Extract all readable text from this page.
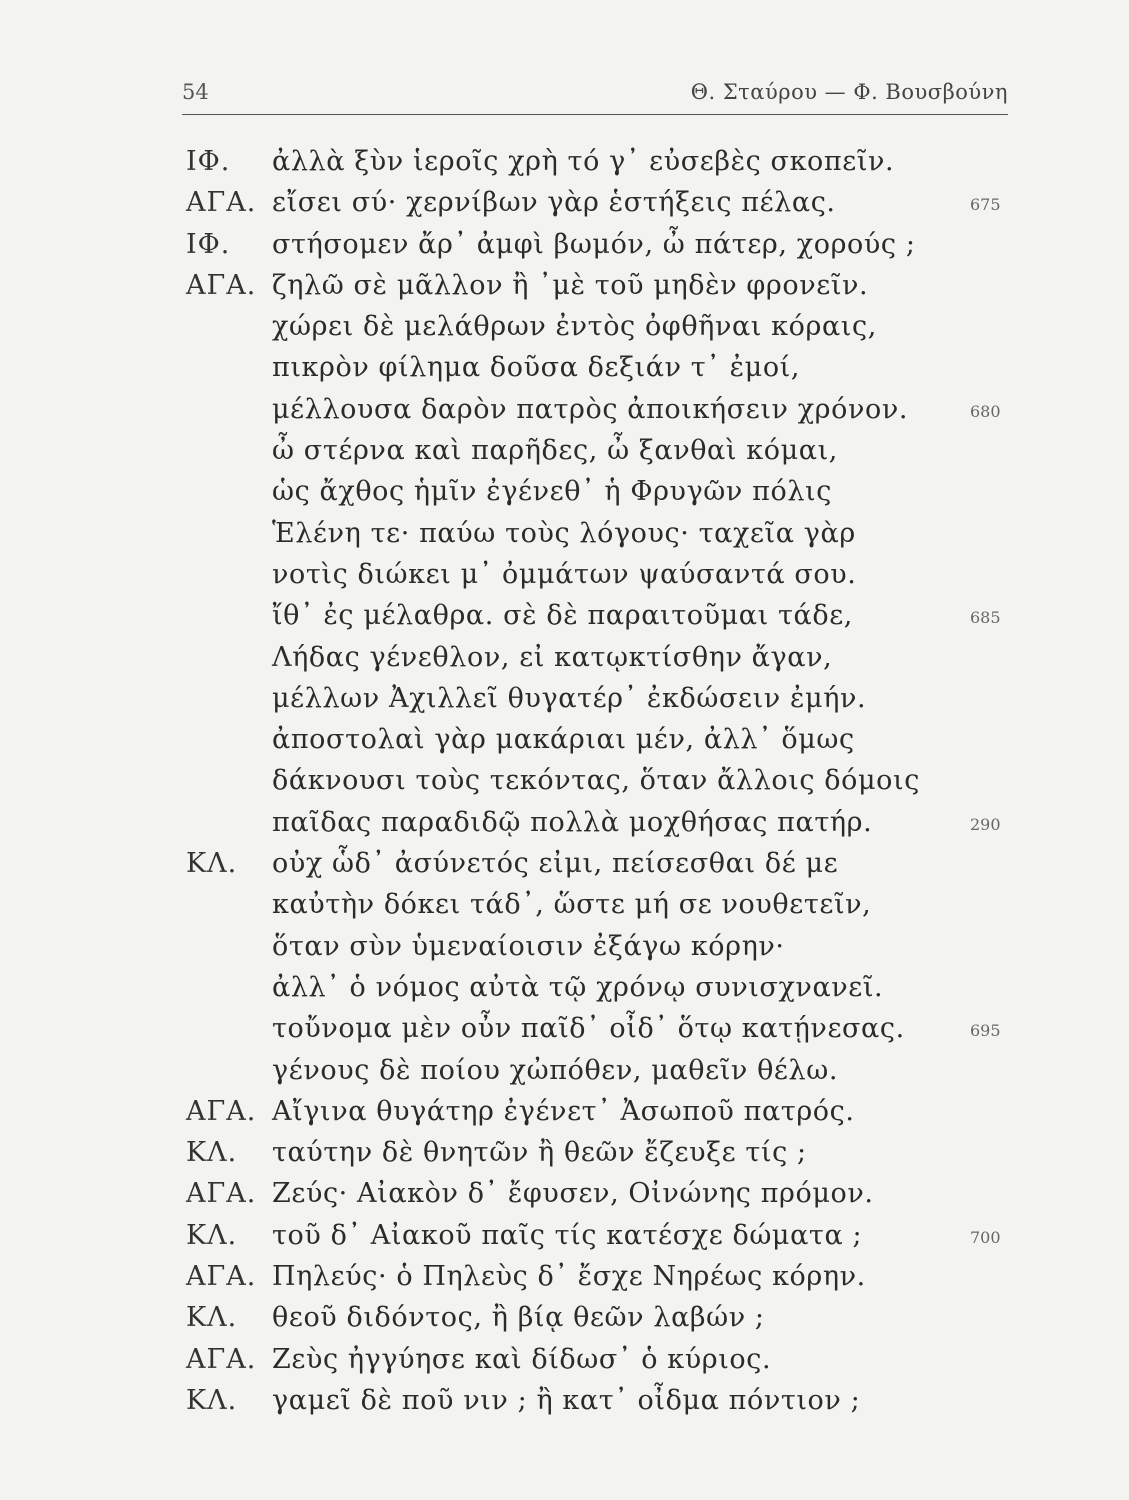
54	Θ. Σταύρου — Φ. Βουσβούνη
ΙΦ. ἀλλὰ ξὺν ἱεροῖς χρὴ τό γ᾽ εὐσεβὲς σκοπεῖν.
ΑΓΑ. εἴσει σύ· χερνίβων γὰρ ἑστήξεις πέλας.	675
ΙΦ. στήσομεν ἄρ᾽ ἀμφὶ βωμόν, ὦ πάτερ, χορούς ;
ΑΓΑ. ζηλῶ σὲ μᾶλλον ἢ ᾽μὲ τοῦ μηδὲν φρονεῖν.
χώρει δὲ μελάθρων ἐντὸς ὀφθῆναι κόραις,
πικρὸν φίλημα δοῦσα δεξιάν τ᾽ ἐμοί,
μέλλουσα δαρὸν πατρὸς ἀποικήσειν χρόνον.	680
ὦ στέρνα καὶ παρῆδες, ὦ ξανθαὶ κόμαι,
ὡς ἄχθος ἡμῖν ἐγένεθ᾽ ἡ Φρυγῶν πόλις
Ἑλένη τε· παύω τοὺς λόγους· ταχεῖα γὰρ
νοτὶς διώκει μ᾽ ὀμμάτων ψαύσαντά σου.
ἴθ᾽ ἐς μέλαθρα. σὲ δὲ παραιτοῦμαι τάδε,	685
Λήδας γένεθλον, εἰ κατῳκτίσθην ἄγαν,
μέλλων Ἀχιλλεῖ θυγατέρ᾽ ἐκδώσειν ἐμήν.
ἀποστολαὶ γὰρ μακάριαι μέν, ἀλλ᾽ ὅμως
δάκνουσι τοὺς τεκόντας, ὅταν ἄλλοις δόμοις
παῖδας παραδιδῷ πολλὰ μοχθήσας πατήρ.	290
ΚΛ. οὐχ ὧδ᾽ ἀσύνετός εἰμι, πείσεσθαι δέ με
καὐτὴν δόκει τάδ᾽, ὥστε μή σε νουθετεῖν,
ὅταν σὺν ὑμεναίοισιν ἐξάγω κόρην·
ἀλλ᾽ ὁ νόμος αὐτὰ τῷ χρόνῳ συνισχνανεῖ.
τοὔνομα μὲν οὖν παῖδ᾽ οἶδ᾽ ὅτῳ κατῄνεσας.	695
γένους δὲ ποίου χὠπόθεν, μαθεῖν θέλω.
ΑΓΑ. Αἴγινα θυγάτηρ ἐγένετ᾽ Ἀσωποῦ πατρός.
ΚΛ. ταύτην δὲ θνητῶν ἢ θεῶν ἔζευξε τίς ;
ΑΓΑ. Ζεύς· Αἰακὸν δ᾽ ἔφυσεν, Οἰνώνης πρόμον.
ΚΛ. τοῦ δ᾽ Αἰακοῦ παῖς τίς κατέσχε δώματα ;	700
ΑΓΑ. Πηλεύς· ὁ Πηλεὺς δ᾽ ἔσχε Νηρέως κόρην.
ΚΛ. θεοῦ διδόντος, ἢ βίᾳ θεῶν λαβών ;
ΑΓΑ. Ζεὺς ἠγγύησε καὶ δίδωσ᾽ ὁ κύριος.
ΚΛ. γαμεῖ δὲ ποῦ νιν ; ἢ κατ᾽ οἶδμα πόντιον ;
